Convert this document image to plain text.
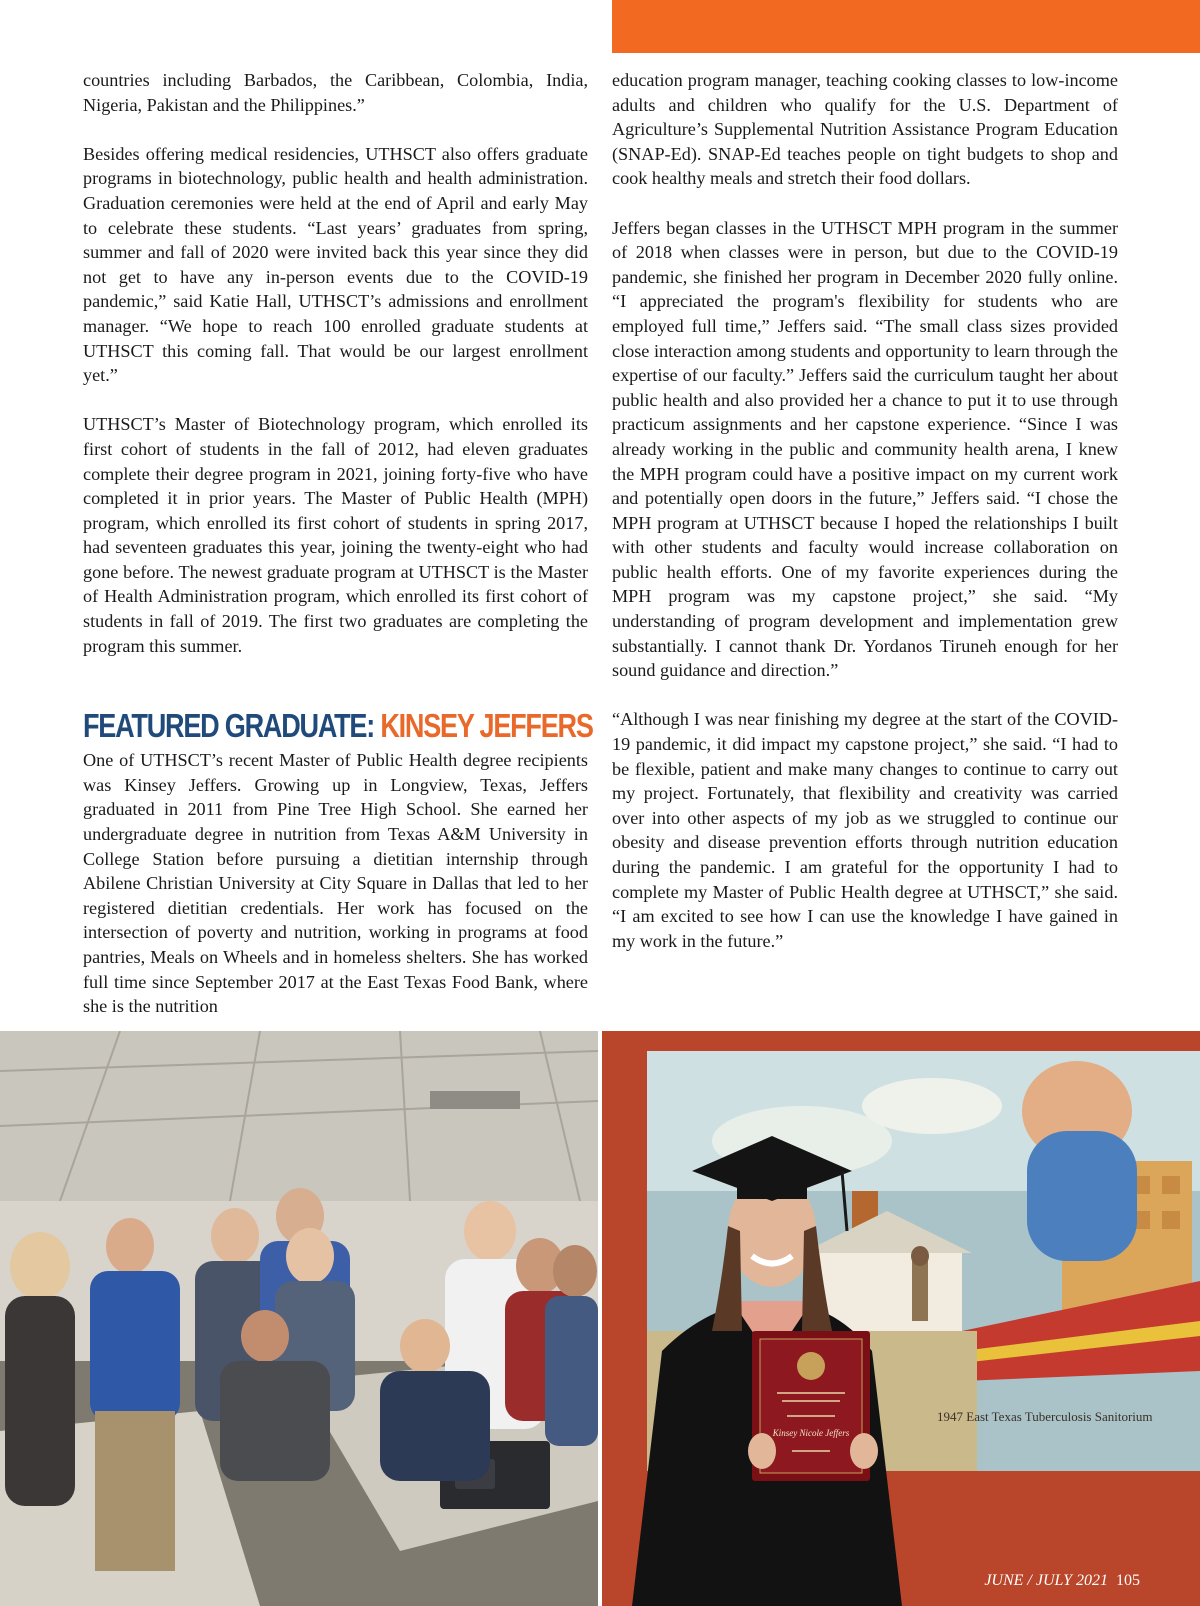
countries including Barbados, the Caribbean, Colombia, India, Nigeria, Pakistan and the Philippines.”

Besides offering medical residencies, UTHSCT also offers graduate programs in biotechnology, public health and health administration. Graduation ceremonies were held at the end of April and early May to celebrate these students. “Last years’ graduates from spring, summer and fall of 2020 were invited back this year since they did not get to have any in-person events due to the COVID-19 pandemic,” said Katie Hall, UTHSCT’s admissions and enrollment manager. “We hope to reach 100 enrolled graduate students at UTHSCT this coming fall. That would be our largest enrollment yet.”

UTHSCT’s Master of Biotechnology program, which enrolled its first cohort of students in the fall of 2012, had eleven graduates complete their degree program in 2021, joining forty-five who have completed it in prior years. The Master of Public Health (MPH) program, which enrolled its first cohort of students in spring 2017, had seventeen graduates this year, joining the twenty-eight who had gone before. The newest graduate program at UTHSCT is the Master of Health Administration program, which enrolled its first cohort of students in fall of 2019. The first two graduates are completing the program this summer.

FEATURED GRADUATE: KINSEY JEFFERS

One of UTHSCT’s recent Master of Public Health degree recipients was Kinsey Jeffers. Growing up in Longview, Texas, Jeffers graduated in 2011 from Pine Tree High School. She earned her undergraduate degree in nutrition from Texas A&M University in College Station before pursuing a dietitian internship through Abilene Christian University at City Square in Dallas that led to her registered dietitian credentials. Her work has focused on the intersection of poverty and nutrition, working in programs at food pantries, Meals on Wheels and in homeless shelters. She has worked full time since September 2017 at the East Texas Food Bank, where she is the nutrition

education program manager, teaching cooking classes to low-income adults and children who qualify for the U.S. Department of Agriculture’s Supplemental Nutrition Assistance Program Education (SNAP-Ed). SNAP-Ed teaches people on tight budgets to shop and cook healthy meals and stretch their food dollars.

Jeffers began classes in the UTHSCT MPH program in the summer of 2018 when classes were in person, but due to the COVID-19 pandemic, she finished her program in December 2020 fully online. “I appreciated the program's flexibility for students who are employed full time,” Jeffers said. “The small class sizes provided close interaction among students and opportunity to learn through the expertise of our faculty.” Jeffers said the curriculum taught her about public health and also provided her a chance to put it to use through practicum assignments and her capstone experience. “Since I was already working in the public and community health arena, I knew the MPH program could have a positive impact on my current work and potentially open doors in the future,” Jeffers said. “I chose the MPH program at UTHSCT because I hoped the relationships I built with other students and faculty would increase collaboration on public health efforts. One of my favorite experiences during the MPH program was my capstone project,” she said. “My understanding of program development and implementation grew substantially. I cannot thank Dr. Yordanos Tiruneh enough for her sound guidance and direction.”

“Although I was near finishing my degree at the start of the COVID-19 pandemic, it did impact my capstone project,” she said. “I had to be flexible, patient and make many changes to continue to carry out my project. Fortunately, that flexibility and creativity was carried over into other aspects of my job as we struggled to continue our obesity and disease prevention efforts through nutrition education during the pandemic. I am grateful for the opportunity I had to complete my Master of Public Health degree at UTHSCT,” she said. “I am excited to see how I can use the knowledge I have gained in my work in the future.”

1947 East Texas Tuberculosis Sanitorium
Kinsey Nicole Jeffers
JUNE / JULY 2021 105
